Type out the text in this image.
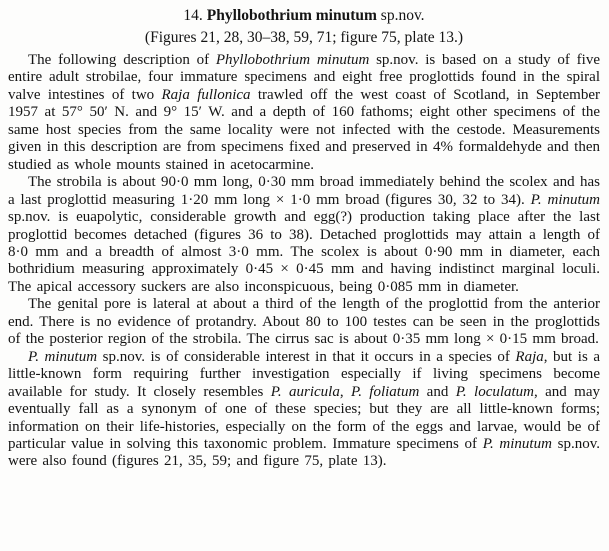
14. Phyllobothrium minutum sp.nov.
(Figures 21, 28, 30–38, 59, 71; figure 75, plate 13.)

The following description of Phyllobothrium minutum sp.nov. is based on a study of five entire adult strobilae, four immature specimens and eight free proglottids found in the spiral valve intestines of two Raja fullonica trawled off the west coast of Scotland, in September 1957 at 57° 50′ N. and 9° 15′ W. and a depth of 160 fathoms; eight other specimens of the same host species from the same locality were not infected with the cestode. Measurements given in this description are from specimens fixed and preserved in 4% formaldehyde and then studied as whole mounts stained in acetocarmine.

The strobila is about 90·0 mm long, 0·30 mm broad immediately behind the scolex and has a last proglottid measuring 1·20 mm long × 1·0 mm broad (figures 30, 32 to 34). P. minutum sp.nov. is euapolytic, considerable growth and egg(?) production taking place after the last proglottid becomes detached (figures 36 to 38). Detached proglottids may attain a length of 8·0 mm and a breadth of almost 3·0 mm. The scolex is about 0·90 mm in diameter, each bothridium measuring approximately 0·45 × 0·45 mm and having indistinct marginal loculi. The apical accessory suckers are also inconspicuous, being 0·085 mm in diameter.

The genital pore is lateral at about a third of the length of the proglottid from the anterior end. There is no evidence of protandry. About 80 to 100 testes can be seen in the proglottids of the posterior region of the strobila. The cirrus sac is about 0·35 mm long × 0·15 mm broad.

P. minutum sp.nov. is of considerable interest in that it occurs in a species of Raja, but is a little-known form requiring further investigation especially if living specimens become available for study. It closely resembles P. auricula, P. foliatum and P. loculatum, and may eventually fall as a synonym of one of these species; but they are all little-known forms; information on their life-histories, especially on the form of the eggs and larvae, would be of particular value in solving this taxonomic problem. Immature specimens of P. minutum sp.nov. were also found (figures 21, 35, 59; and figure 75, plate 13).
